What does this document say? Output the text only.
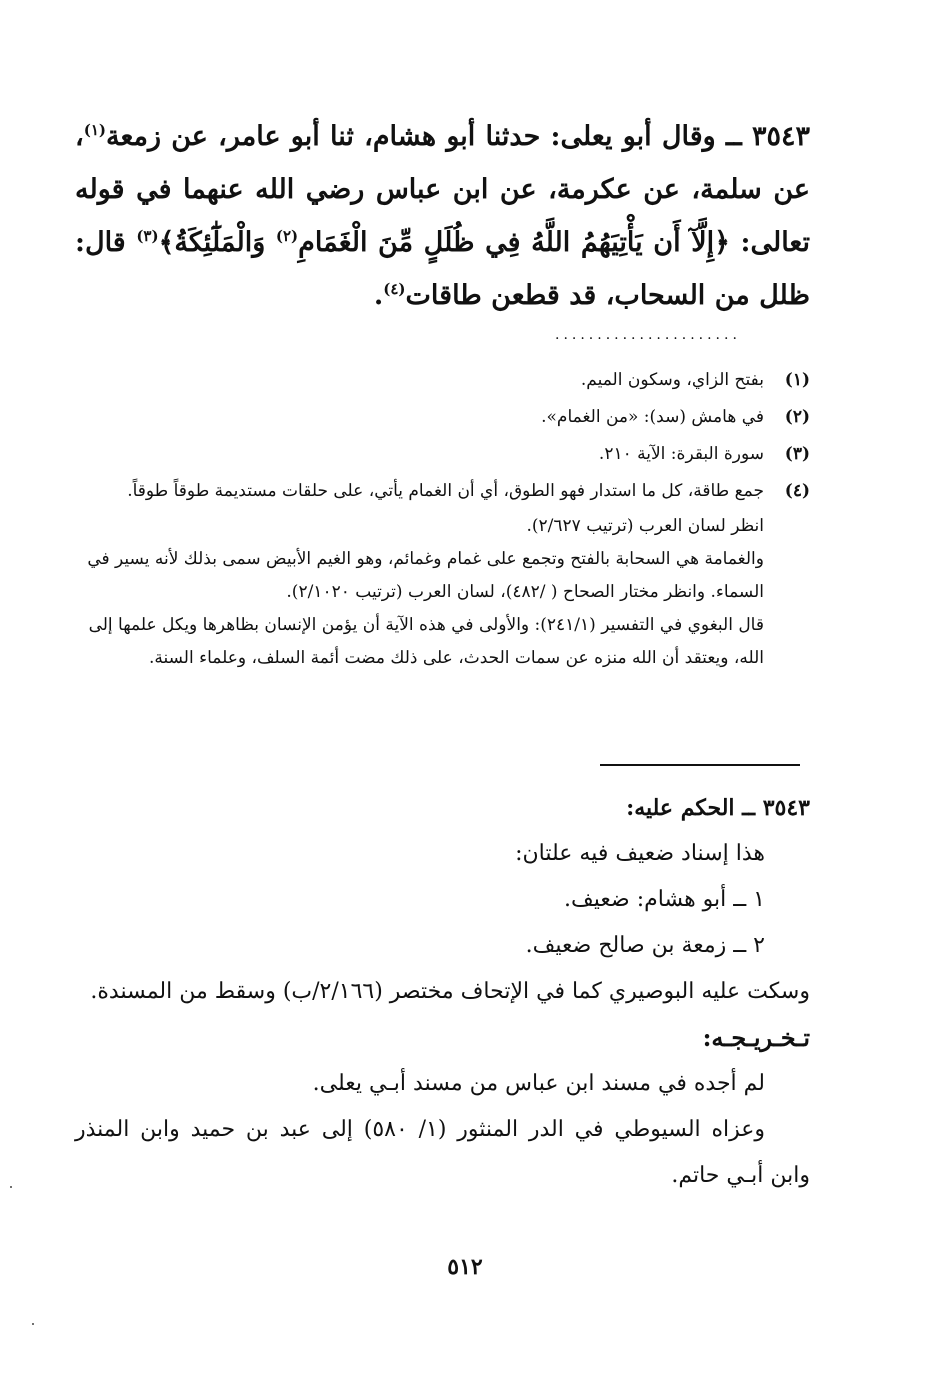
٣٥٤٣ ــ وقال أبو يعلى: حدثنا أبو هشام، ثنا أبو عامر، عن زمعة$^{(١)}$، عن سلمة، عن عكرمة، عن ابن عباس رضي الله عنهما في قوله تعالى: ﴿إِلَّآ أَن يَأْتِيَهُمُ اللَّهُ فِي ظُلَلٍ مِّنَ الْغَمَامِ$^{(٢)}$ وَالْمَلَٰٓئِكَةُ﴾$^{(٣)}$ قال: ظلل من السحاب، قد قطعن طاقات$^{(٤)}$.

......................
(١)
بفتح الزاي، وسكون الميم.
(٢)
في هامش (سد): «من الغمام».
(٣)
سورة البقرة: الآية ٢١٠.
(٤)
جمع طاقة، كل ما استدار فهو الطوق، أي أن الغمام يأتي، على حلقات مستديمة طوقاً طوقاً.
انظر لسان العرب (ترتيب ٢/٦٢٧).
والغمامة هي السحابة بالفتح وتجمع على غمام وغمائم، وهو الغيم الأبيض سمى بذلك لأنه يسير في السماء. وانظر مختار الصحاح ( /٤٨٢)، لسان العرب (ترتيب ٢/١٠٢٠).
قال البغوي في التفسير (٢٤١/١): والأولى في هذه الآية أن يؤمن الإنسان بظاهرها ويكل علمها إلى الله، ويعتقد أن الله منزه عن سمات الحدث، على ذلك مضت أئمة السلف، وعلماء السنة.

٣٥٤٣ ــ الحكم عليه:

هذا إسناد ضعيف فيه علتان:

١ ــ أبو هشام: ضعيف.

٢ ــ زمعة بن صالح ضعيف.

وسكت عليه البوصيري كما في الإتحاف مختصر (٢/١٦٦/ب) وسقط من المسندة.

تـخـريـجـه:

لم أجده في مسند ابن عباس من مسند أبـي يعلى.

وعزاه السيوطي في الدر المنثور (١/ ٥٨٠) إلى عبد بن حميد وابن المنذر وابن أبـي حاتم.

٥١٢
